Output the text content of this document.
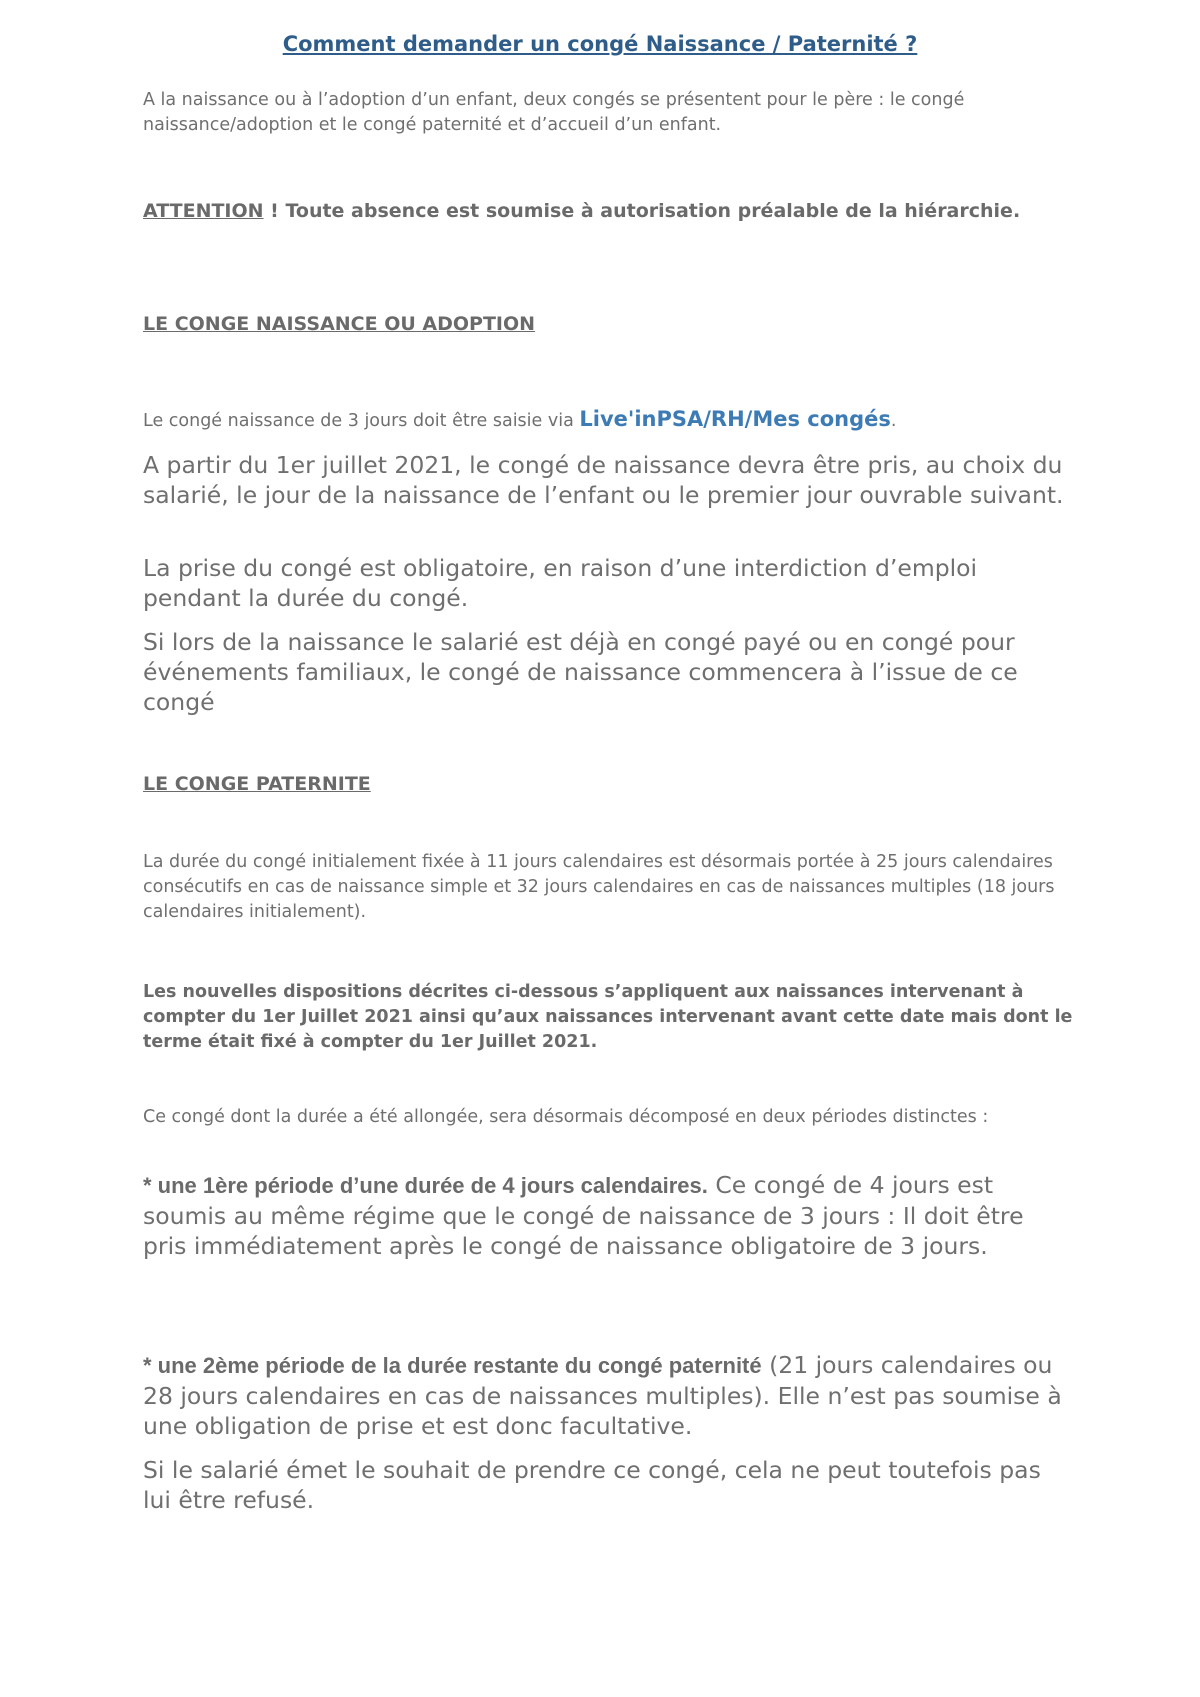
Comment demander un congé Naissance / Paternité ?

A la naissance ou à l’adoption d’un enfant, deux congés se présentent pour le père : le congé naissance/adoption et le congé paternité et d’accueil d’un enfant.

ATTENTION ! Toute absence est soumise à autorisation préalable de la hiérarchie.

LE CONGE NAISSANCE OU ADOPTION

Le congé naissance de 3 jours doit être saisie via Live'inPSA/RH/Mes congés.

A partir du 1er juillet 2021, le congé de naissance devra être pris, au choix du salarié, le jour de la naissance de l’enfant ou le premier jour ouvrable suivant.

La prise du congé est obligatoire, en raison d’une interdiction d’emploi pendant la durée du congé.

Si lors de la naissance le salarié est déjà en congé payé ou en congé pour événements familiaux, le congé de naissance commencera à l’issue de ce congé

LE CONGE PATERNITE

La durée du congé initialement fixée à 11 jours calendaires est désormais portée à 25 jours calendaires consécutifs en cas de naissance simple et 32 jours calendaires en cas de naissances multiples (18 jours calendaires initialement).

Les nouvelles dispositions décrites ci-dessous s’appliquent aux naissances intervenant à compter du 1er Juillet 2021 ainsi qu’aux naissances intervenant avant cette date mais dont le terme était fixé à compter du 1er Juillet 2021.

Ce congé dont la durée a été allongée, sera désormais décomposé en deux périodes distinctes :

* une 1ère période d’une durée de 4 jours calendaires. Ce congé de 4 jours est soumis au même régime que le congé de naissance de 3 jours : Il doit être pris immédiatement après le congé de naissance obligatoire de 3 jours.

* une 2ème période de la durée restante du congé paternité (21 jours calendaires ou 28 jours calendaires en cas de naissances multiples). Elle n’est pas soumise à une obligation de prise et est donc facultative.

Si le salarié émet le souhait de prendre ce congé, cela ne peut toutefois pas lui être refusé.
